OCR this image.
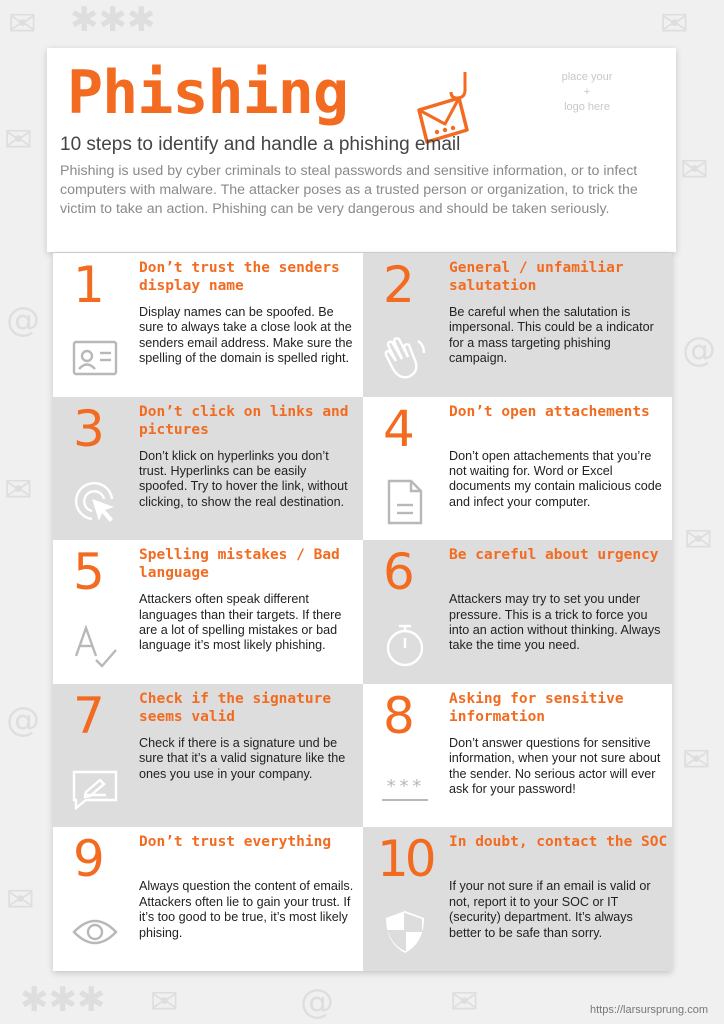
✉ ✱✱✱	✉
✉
✉
@
@
✉
✉
@
✉
✉
✱✱✱ ✉	@	✉
Phishing	place your
+
logo here
10 steps to identify and handle a phishing email
Phishing is used by cyber criminals to steal passwords and sensitive information, or to infect computers with malware. The attacker poses as a trusted person or organization, to trick the victim to take an action. Phishing can be very dangerous and should be taken seriously.
1 Don’t trust the senders display name
Display names can be spoofed. Be sure to always take a close look at the senders email address. Make sure the spelling of the domain is spelled right.
2 General / unfamiliar salutation
Be careful when the salutation is impersonal. This could be a indicator for a mass targeting phishing campaign.
3 Don’t click on links and pictures
Don’t klick on hyperlinks you don’t trust. Hyperlinks can be easily spoofed. Try to hover the link, without clicking, to show the real destination.
4 Don’t open attachements
Don’t open attachements that you’re not waiting for. Word or Excel documents my contain malicious code and infect your computer.
5 Spelling mistakes / Bad language
Attackers often speak different languages than their targets. If there are a lot of spelling mistakes or bad language it’s most likely phishing.
6 Be careful about urgency
Attackers may try to set you under pressure. This is a trick to force you into an action without thinking. Always take the time you need.
7 Check if the signature seems valid
Check if there is a signature und be sure that it’s a valid signature like the ones you use in your company.
8 Asking for sensitive information
Don’t answer questions for sensitive information, when your not sure about the sender. No serious actor will ever ask for your password!
***
9 Don’t trust everything
Always question the content of emails. Attackers often lie to gain your trust. If it’s too good to be true, it’s most likely phising.
10 In doubt, contact the SOC
If your not sure if an email is valid or not, report it to your SOC or IT (security) department. It’s always better to be safe than sorry.
https://larsursprung.com
